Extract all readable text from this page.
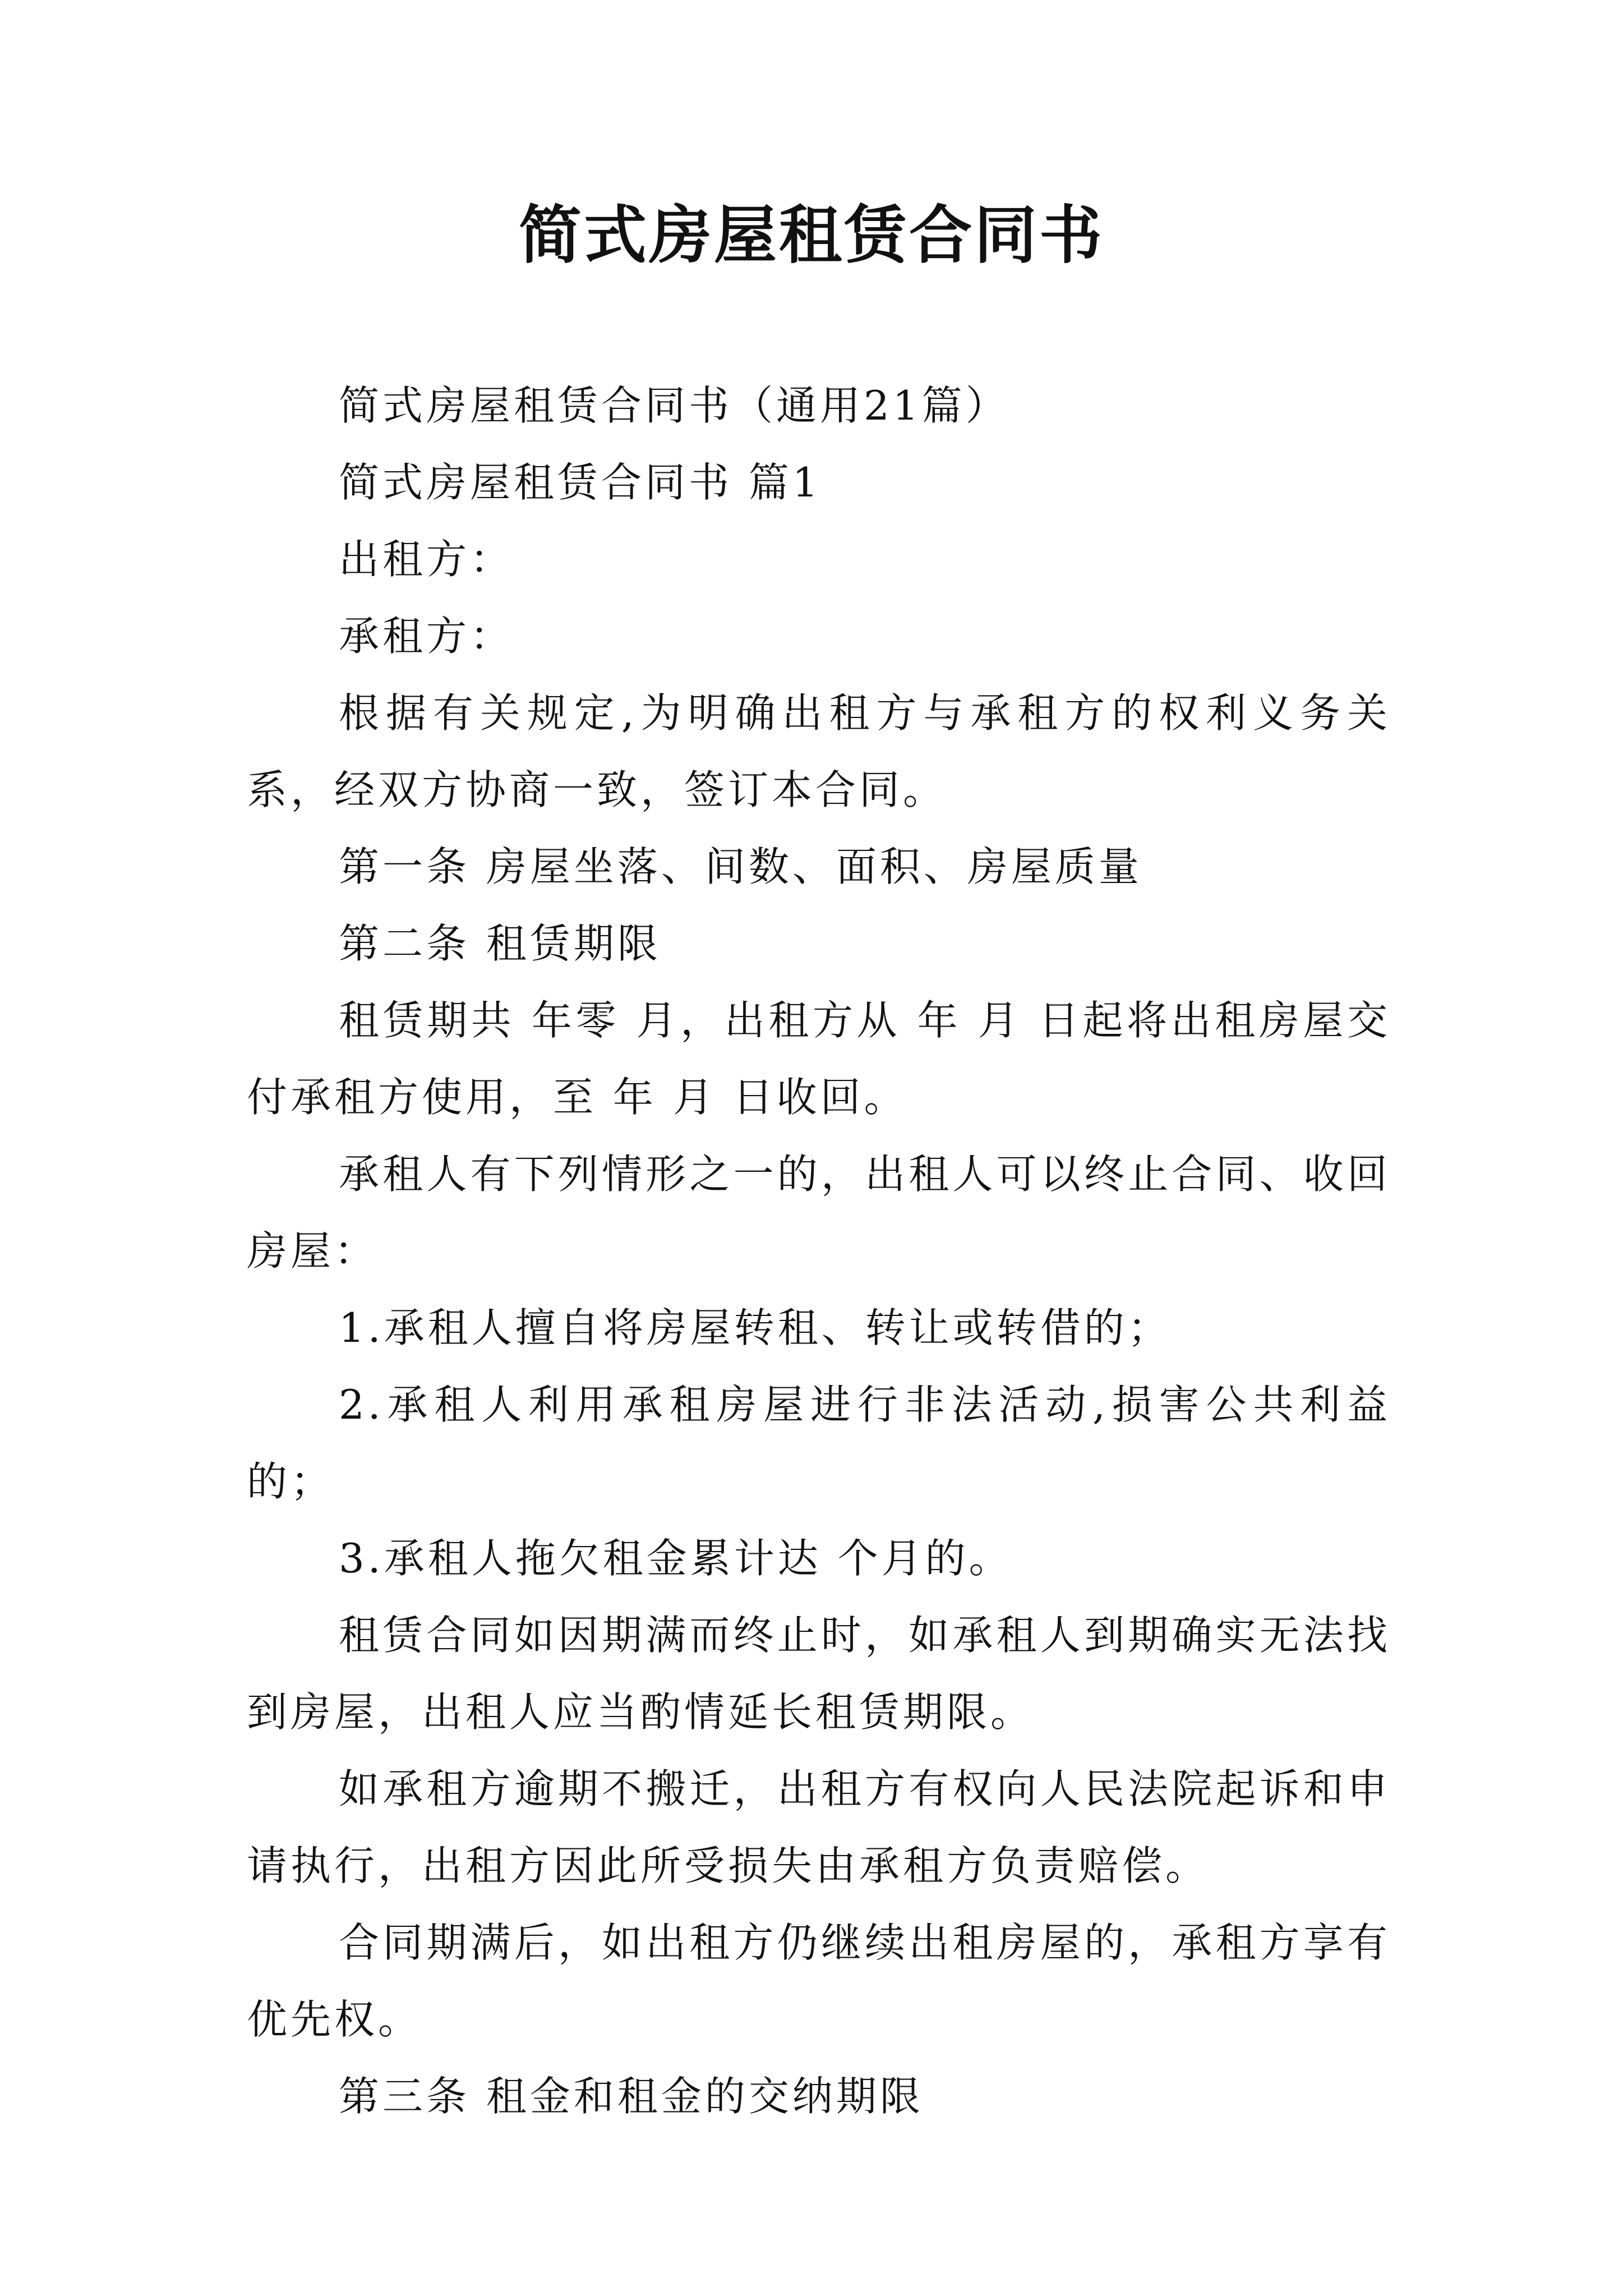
简式房屋租赁合同书

简式房屋租赁合同书（通用21篇）

简式房屋租赁合同书 篇1

出租方：

承租方：

根据有关规定,为明确出租方与承租方的权利义务关系，经双方协商一致，签订本合同。

第一条 房屋坐落、间数、面积、房屋质量

第二条 租赁期限

租赁期共 年零 月，出租方从 年 月 日起将出租房屋交付承租方使用，至 年 月 日收回。

承租人有下列情形之一的，出租人可以终止合同、收回房屋：

1.承租人擅自将房屋转租、转让或转借的；

2.承租人利用承租房屋进行非法活动,损害公共利益的；

3.承租人拖欠租金累计达 个月的。

租赁合同如因期满而终止时，如承租人到期确实无法找到房屋，出租人应当酌情延长租赁期限。

如承租方逾期不搬迁，出租方有权向人民法院起诉和申请执行，出租方因此所受损失由承租方负责赔偿。

合同期满后，如出租方仍继续出租房屋的，承租方享有优先权。

第三条 租金和租金的交纳期限
